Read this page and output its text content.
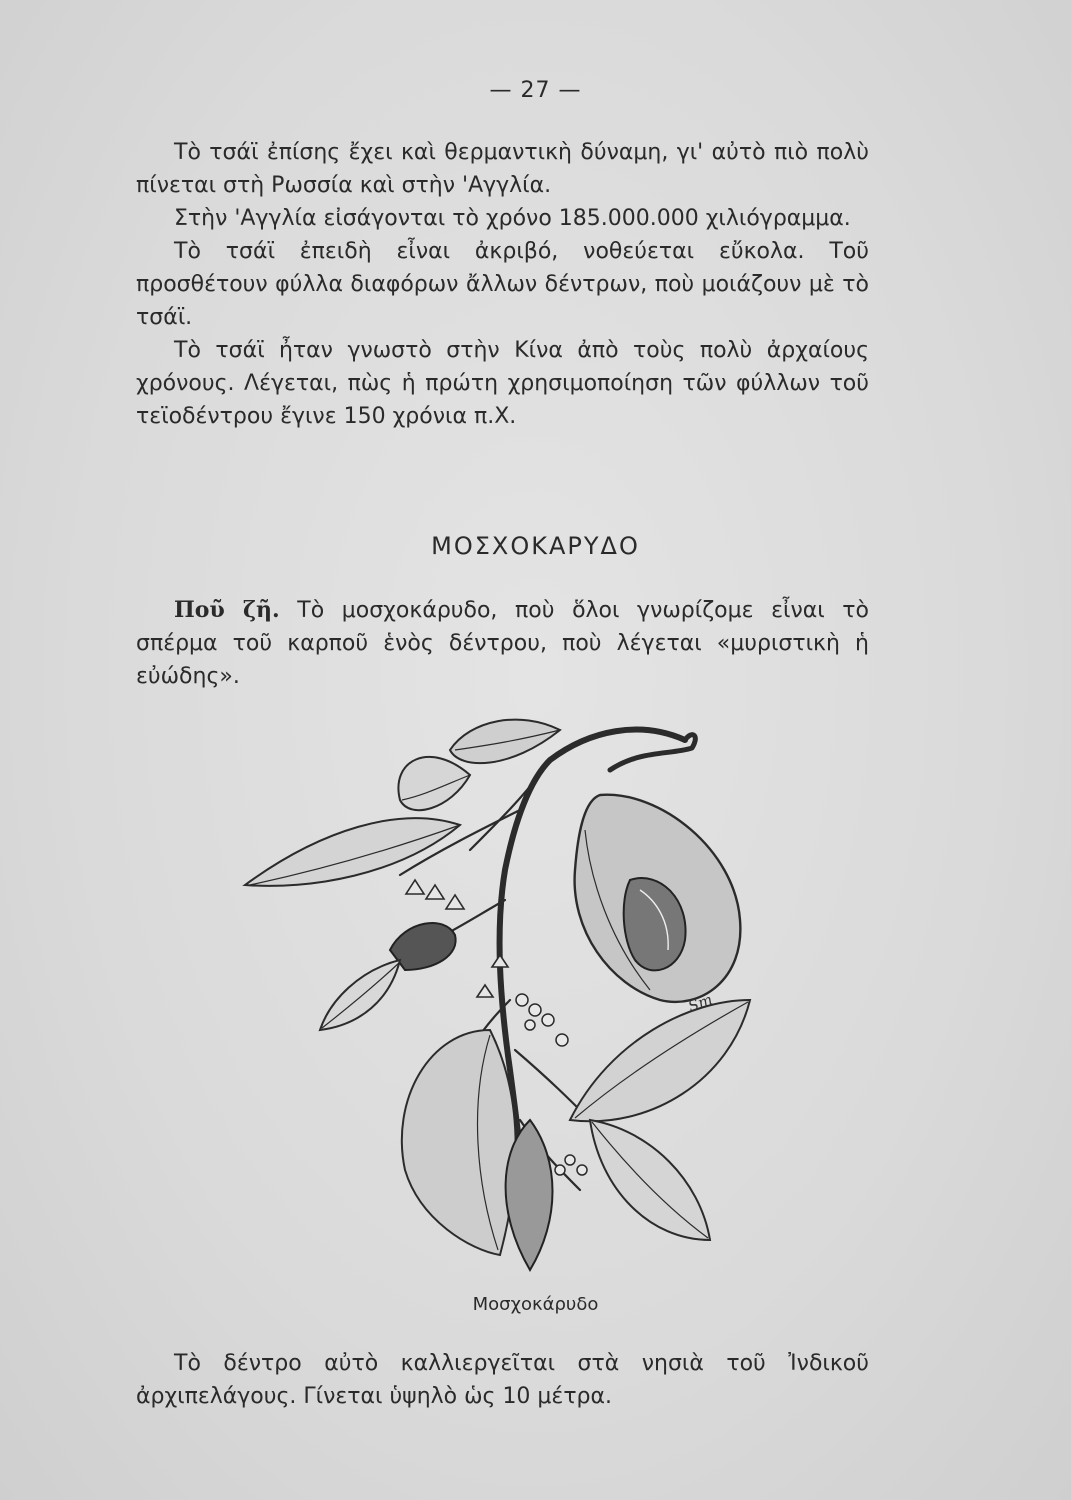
— 27 —

Τὸ τσάϊ ἐπίσης ἔχει καὶ θερμαντικὴ δύναμη, γι' αὐτὸ πιὸ πολὺ πίνεται στὴ Ρωσσία καὶ στὴν 'Αγγλία.

Στὴν 'Αγγλία εἰσάγονται τὸ χρόνο 185.000.000 χιλιόγραμμα.

Τὸ τσάϊ ἐπειδὴ εἶναι ἀκριβό, νοθεύεται εὔκολα. Τοῦ προσθέτουν φύλλα διαφόρων ἄλλων δέντρων, ποὺ μοιάζουν μὲ τὸ τσάϊ.

Τὸ τσάϊ ἦταν γνωστὸ στὴν Κίνα ἀπὸ τοὺς πολὺ ἀρχαίους χρόνους. Λέγεται, πὼς ἡ πρώτη χρησιμοποίηση τῶν φύλλων τοῦ τεϊοδέντρου ἔγινε 150 χρόνια π.Χ.

ΜΟΣΧΟΚΑΡΥΔΟ

Ποῦ ζῆ. Τὸ μοσχοκάρυδο, ποὺ ὅλοι γνωρίζομε εἶναι τὸ σπέρμα τοῦ καρποῦ ἑνὸς δέντρου, ποὺ λέγεται «μυριστικὴ ἡ εὐώδης».

Sm
Μοσχοκάρυδο

Τὸ δέντρο αὐτὸ καλλιεργεῖται στὰ νησιὰ τοῦ Ἰνδικοῦ ἀρχιπελάγους. Γίνεται ὑψηλὸ ὡς 10 μέτρα.
